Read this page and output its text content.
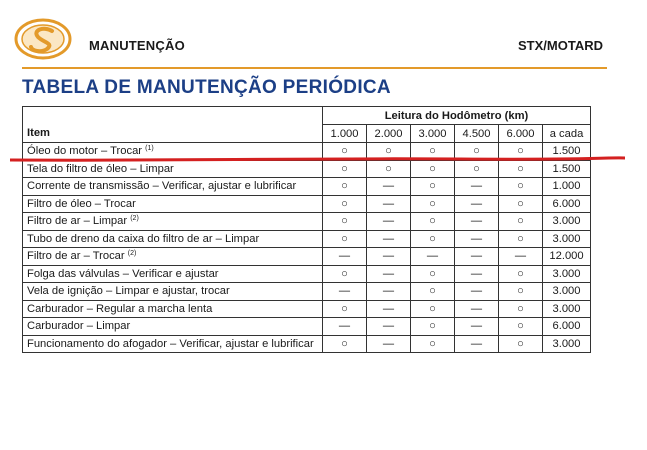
MANUTENÇÃO	STX/MOTARD
TABELA DE MANUTENÇÃO PERIÓDICA
	Leitura do Hodômetro (km)					
Item	1.000	2.000	3.000	4.500	6.000	a cada
Óleo do motor – Trocar $^{(1)}$	○	○	○	○	○	1.500
Tela do filtro de óleo – Limpar	○	○	○	○	○	1.500
Corrente de transmissão – Verificar, ajustar e lubrificar	○	—	○	—	○	1.000
Filtro de óleo – Trocar	○	—	○	—	○	6.000
Filtro de ar – Limpar $^{(2)}$	○	—	○	—	○	3.000
Tubo de dreno da caixa do filtro de ar – Limpar	○	—	○	—	○	3.000
Filtro de ar – Trocar $^{(2)}$	—	—	—	—	—	12.000
Folga das válvulas – Verificar e ajustar	○	—	○	—	○	3.000
Vela de ignição – Limpar e ajustar, trocar	—	—	○	—	○	3.000
Carburador – Regular a marcha lenta	○	—	○	—	○	3.000
Carburador – Limpar	—	—	○	—	○	6.000
Funcionamento do afogador – Verificar, ajustar e lubrificar	○	—	○	—	○	3.000
